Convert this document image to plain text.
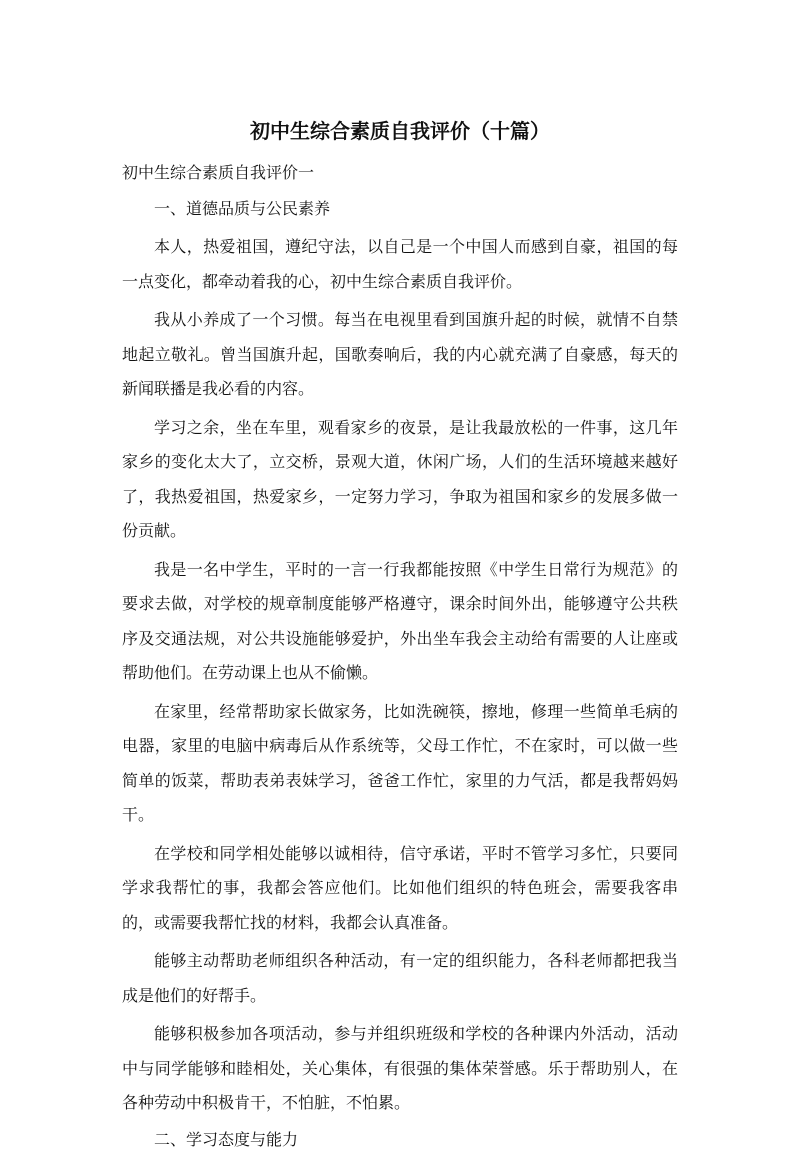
初中生综合素质自我评价（十篇）

初中生综合素质自我评价一

一、道德品质与公民素养

本人，热爱祖国，遵纪守法，以自己是一个中国人而感到自豪，祖国的每一点变化，都牵动着我的心，初中生综合素质自我评价。

我从小养成了一个习惯。每当在电视里看到国旗升起的时候，就情不自禁地起立敬礼。曾当国旗升起，国歌奏响后，我的内心就充满了自豪感，每天的新闻联播是我必看的内容。

学习之余，坐在车里，观看家乡的夜景，是让我最放松的一件事，这几年家乡的变化太大了，立交桥，景观大道，休闲广场，人们的生活环境越来越好了，我热爱祖国，热爱家乡，一定努力学习，争取为祖国和家乡的发展多做一份贡献。

我是一名中学生，平时的一言一行我都能按照《中学生日常行为规范》的要求去做，对学校的规章制度能够严格遵守，课余时间外出，能够遵守公共秩序及交通法规，对公共设施能够爱护，外出坐车我会主动给有需要的人让座或帮助他们。在劳动课上也从不偷懒。

在家里，经常帮助家长做家务，比如洗碗筷，擦地，修理一些简单毛病的电器，家里的电脑中病毒后从作系统等，父母工作忙，不在家时，可以做一些简单的饭菜，帮助表弟表妹学习，爸爸工作忙，家里的力气活，都是我帮妈妈干。

在学校和同学相处能够以诚相待，信守承诺，平时不管学习多忙，只要同学求我帮忙的事，我都会答应他们。比如他们组织的特色班会，需要我客串的，或需要我帮忙找的材料，我都会认真准备。

能够主动帮助老师组织各种活动，有一定的组织能力，各科老师都把我当成是他们的好帮手。

能够积极参加各项活动，参与并组织班级和学校的各种课内外活动，活动中与同学能够和睦相处，关心集体，有很强的集体荣誉感。乐于帮助别人，在各种劳动中积极肯干，不怕脏，不怕累。

二、学习态度与能力
